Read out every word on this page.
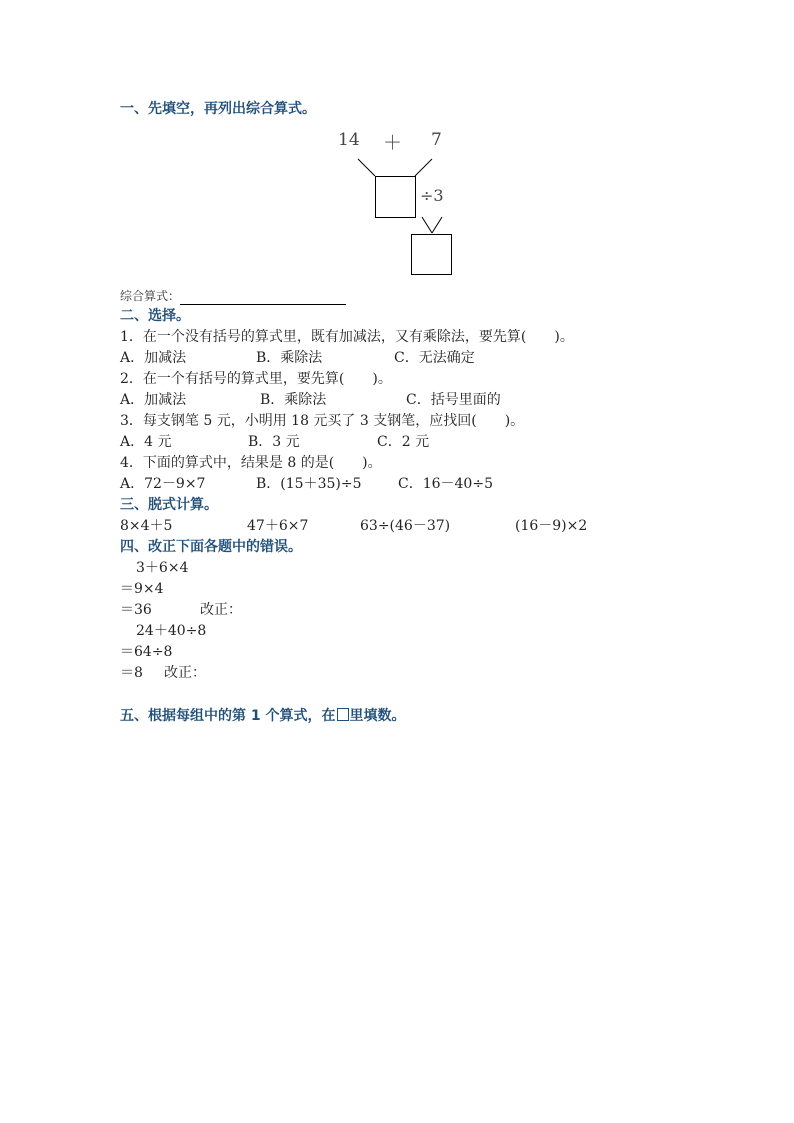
一、先填空，再列出综合算式。
14 ＋ 7
÷3
综合算式：
二、选择。
1．在一个没有括号的算式里，既有加减法，又有乘除法，要先算(　　)。
A．加减法	B．乘除法	C．无法确定
2．在一个有括号的算式里，要先算(　　)。
A．加减法	B．乘除法	C．括号里面的
3．每支钢笔 5 元，小明用 18 元买了 3 支钢笔，应找回(　　)。
A．4 元	B．3 元	C．2 元
4．下面的算式中，结果是 8 的是(　　)。
A．72－9×7	B．(15＋35)÷5	C．16－40÷5
三、脱式计算。
8×4＋5	47＋6×7	63÷(46－37)	(16－9)×2
四、改正下面各题中的错误。
3＋6×4
＝9×4
＝36	改正：
24＋40÷8
＝64÷8
＝8 改正：
五、根据每组中的第 1 个算式，在 里填数。
